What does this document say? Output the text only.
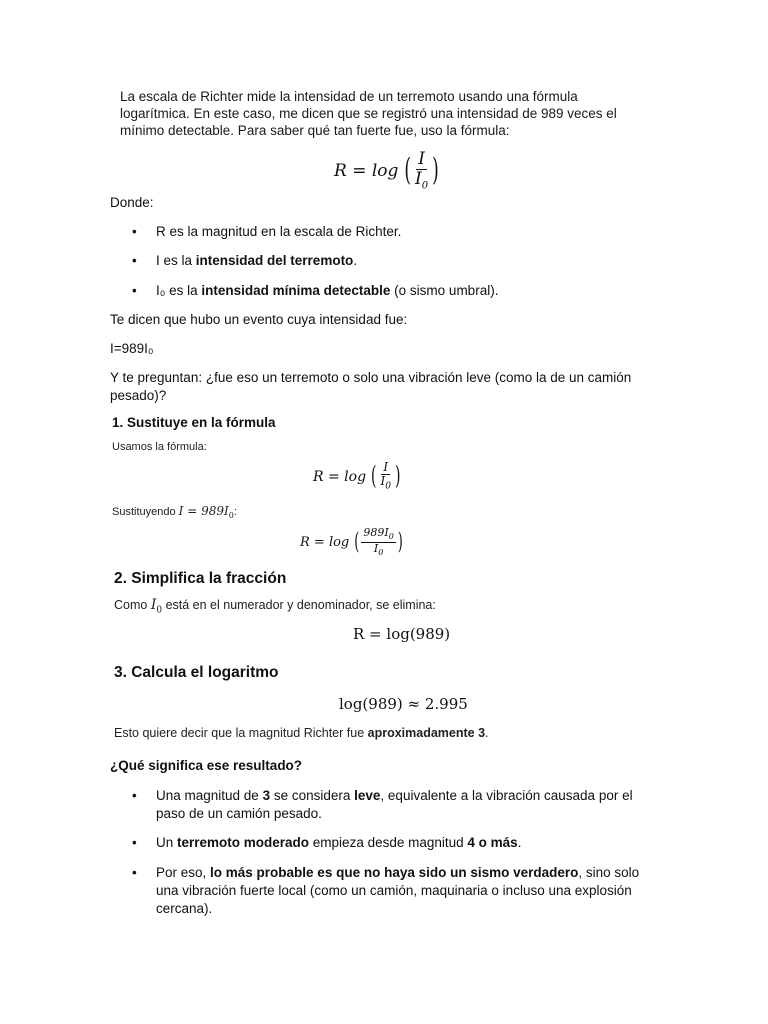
La escala de Richter mide la intensidad de un terremoto usando una fórmula
logarítmica. En este caso, me dicen que se registró una intensidad de 989 veces el
mínimo detectable. Para saber qué tan fuerte fue, uso la fórmula:
R = log ( $\frac{I}{I_0}$ )
Donde:
• R es la magnitud en la escala de Richter.
• I es la intensidad del terremoto.
• I₀ es la intensidad mínima detectable (o sismo umbral).
Te dicen que hubo un evento cuya intensidad fue:
I=989I₀
Y te preguntan: ¿fue eso un terremoto o solo una vibración leve (como la de un camión
pesado)?
1. Sustituye en la fórmula
Usamos la fórmula:
R = log ( $\frac{I}{I_0}$ )
Sustituyendo $I = 989I_0$:
R = log ( $\frac{989I_0}{I_0}$ )
2. Simplifica la fracción
Como $I_0$ está en el numerador y denominador, se elimina:
R = log(989)
3. Calcula el logaritmo
log(989) ≈ 2.995
Esto quiere decir que la magnitud Richter fue aproximadamente 3.
¿Qué significa ese resultado?
• Una magnitud de 3 se considera leve, equivalente a la vibración causada por el
paso de un camión pesado.
• Un terremoto moderado empieza desde magnitud 4 o más.
• Por eso, lo más probable es que no haya sido un sismo verdadero, sino solo
una vibración fuerte local (como un camión, maquinaria o incluso una explosión
cercana).
